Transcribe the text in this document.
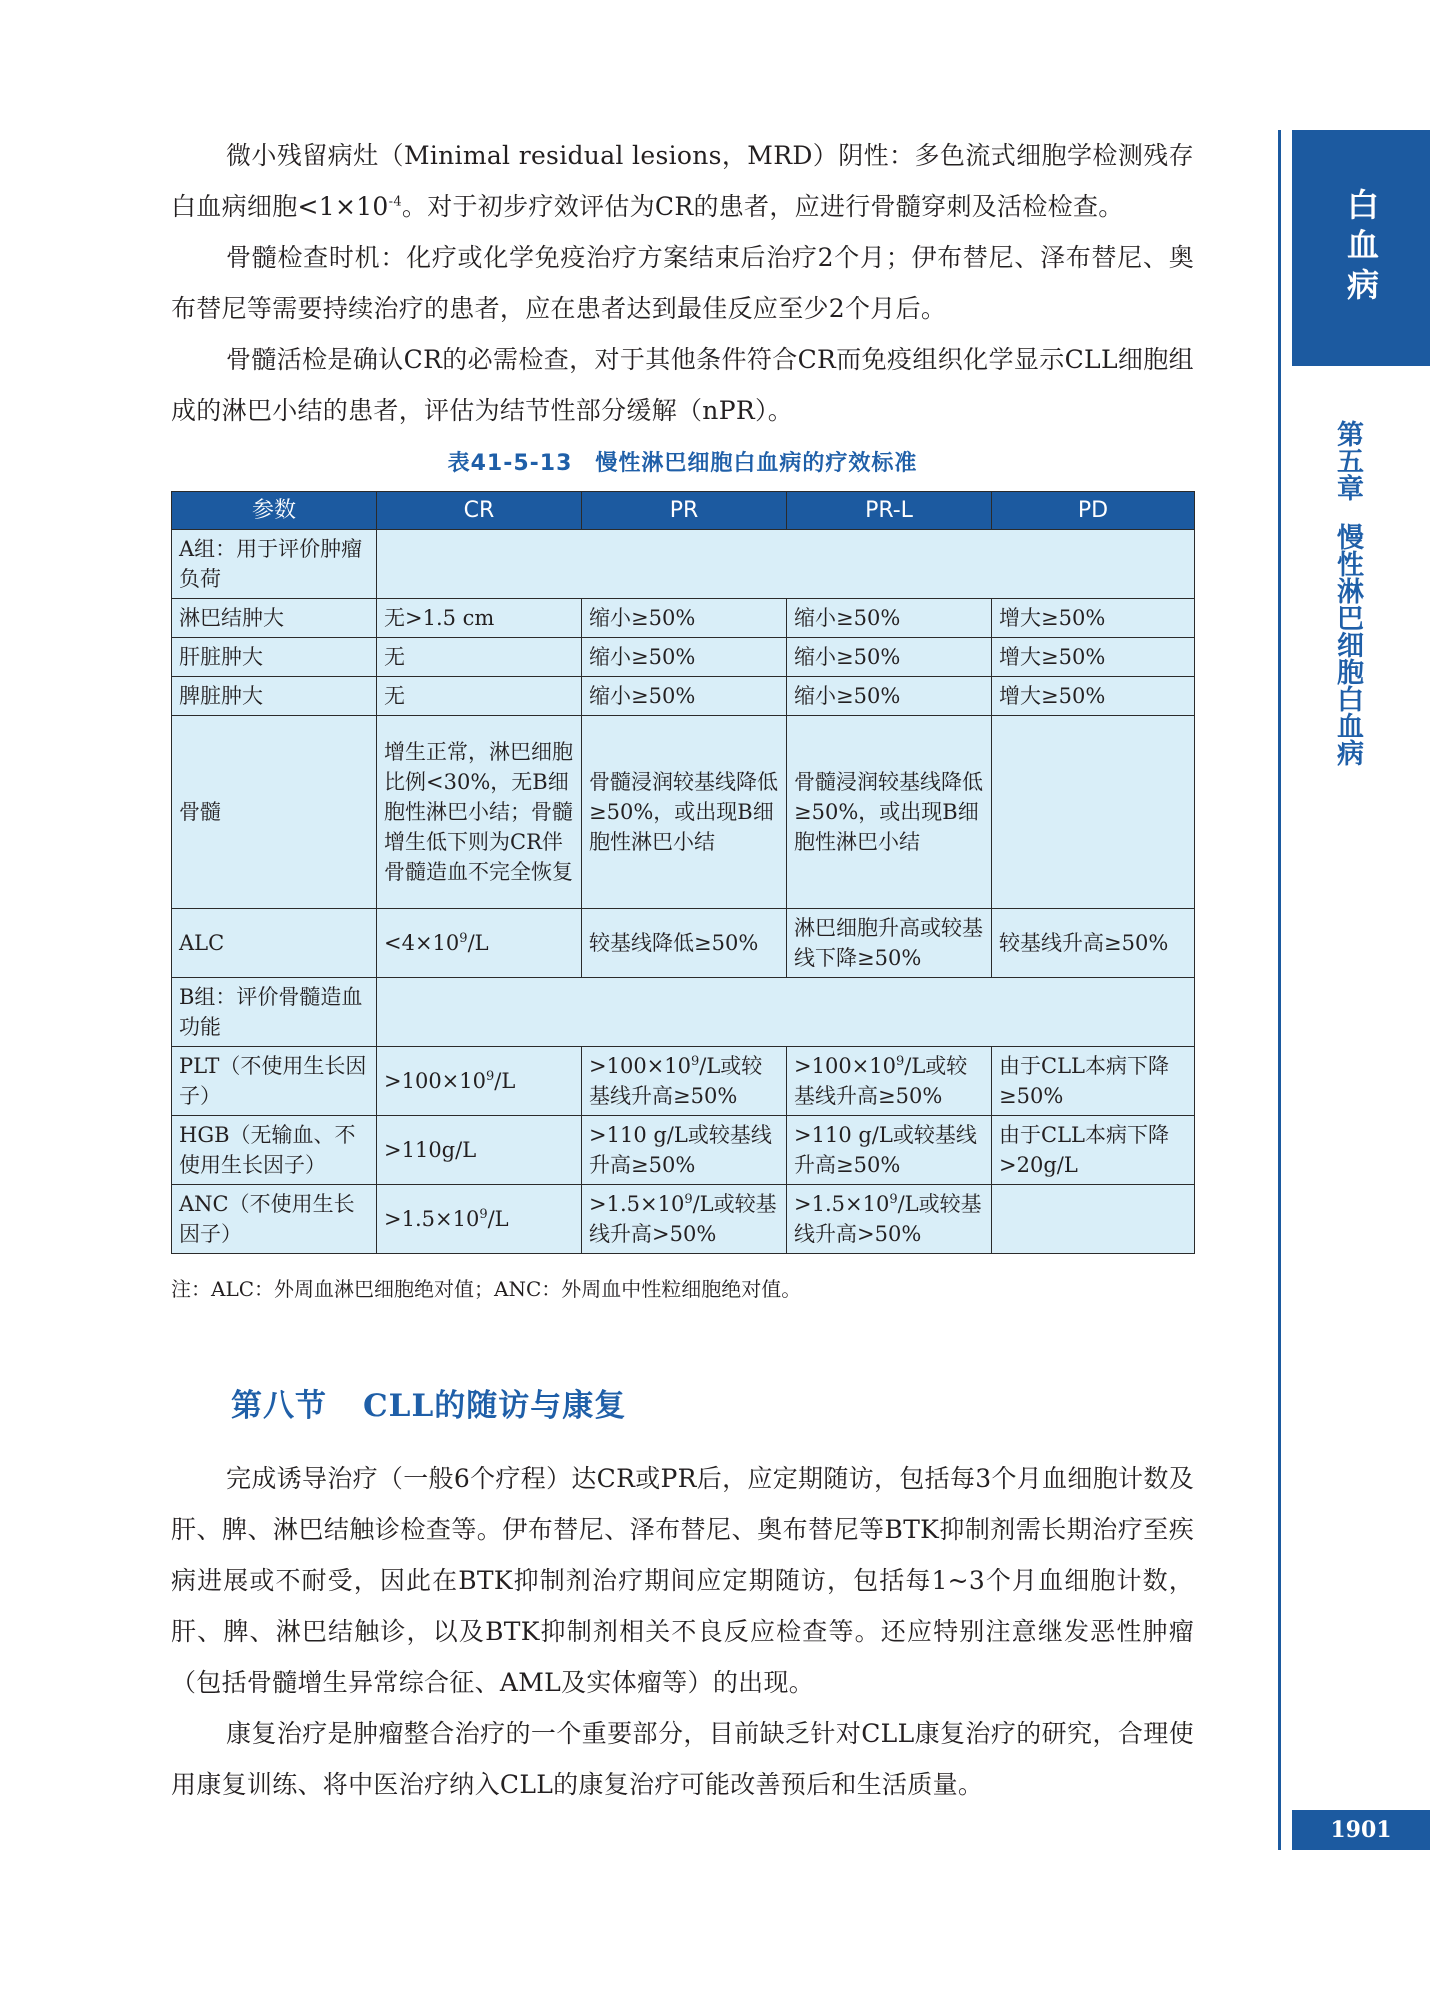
微小残留病灶（Minimal residual lesions，MRD）阴性：多色流式细胞学检测残存白血病细胞$<1\times 10^{-4}$。对于初步疗效评估为CR的患者，应进行骨髓穿刺及活检检查。

骨髓检查时机：化疗或化学免疫治疗方案结束后治疗2个月；伊布替尼、泽布替尼、奥布替尼等需要持续治疗的患者，应在患者达到最佳反应至少2个月后。

骨髓活检是确认CR的必需检查，对于其他条件符合CR而免疫组织化学显示CLL细胞组成的淋巴小结的患者，评估为结节性部分缓解（nPR）。

表41-5-13　慢性淋巴细胞白血病的疗效标准
参数	CR	PR	PR-L	PD
A组：用于评价肿瘤负荷				
淋巴结肿大	无>1.5 cm	缩小≥50%	缩小≥50%	增大≥50%
肝脏肿大	无	缩小≥50%	缩小≥50%	增大≥50%
脾脏肿大	无	缩小≥50%	缩小≥50%	增大≥50%
骨髓	增生正常，淋巴细胞比例<30%，无B细胞性淋巴小结；骨髓增生低下则为CR伴骨髓造血不完全恢复	骨髓浸润较基线降低≥50%，或出现B细胞性淋巴小结	骨髓浸润较基线降低≥50%，或出现B细胞性淋巴小结	
ALC	$<4\times 10^9/L$	较基线降低≥50%	淋巴细胞升高或较基线下降≥50%	较基线升高≥50%
B组：评价骨髓造血功能				
PLT（不使用生长因子）	$>100\times 10^9/L$	$>100\times 10^9/L$或较基线升高≥50%	$>100\times 10^9/L$或较基线升高≥50%	由于CLL本病下降≥50%
HGB（无输血、不使用生长因子）	>110g/L	>110 g/L或较基线升高≥50%	>110 g/L或较基线升高≥50%	由于CLL本病下降>20g/L
ANC（不使用生长因子）	$>1.5\times 10^9/L$	$>1.5\times 10^9/L$或较基线升高>50%	$>1.5\times 10^9/L$或较基线升高>50%	
注：ALC：外周血淋巴细胞绝对值；ANC：外周血中性粒细胞绝对值。
第八节 CLL的随访与康复

完成诱导治疗（一般6个疗程）达CR或PR后，应定期随访，包括每3个月血细胞计数及肝、脾、淋巴结触诊检查等。伊布替尼、泽布替尼、奥布替尼等BTK抑制剂需长期治疗至疾病进展或不耐受，因此在BTK抑制剂治疗期间应定期随访，包括每1~3个月血细胞计数，肝、脾、淋巴结触诊，以及BTK抑制剂相关不良反应检查等。还应特别注意继发恶性肿瘤（包括骨髓增生异常综合征、AML及实体瘤等）的出现。

康复治疗是肿瘤整合治疗的一个重要部分，目前缺乏针对CLL康复治疗的研究，合理使用康复训练、将中医治疗纳入CLL的康复治疗可能改善预后和生活质量。

白血病
第五章慢性淋巴细胞白血病
1901
